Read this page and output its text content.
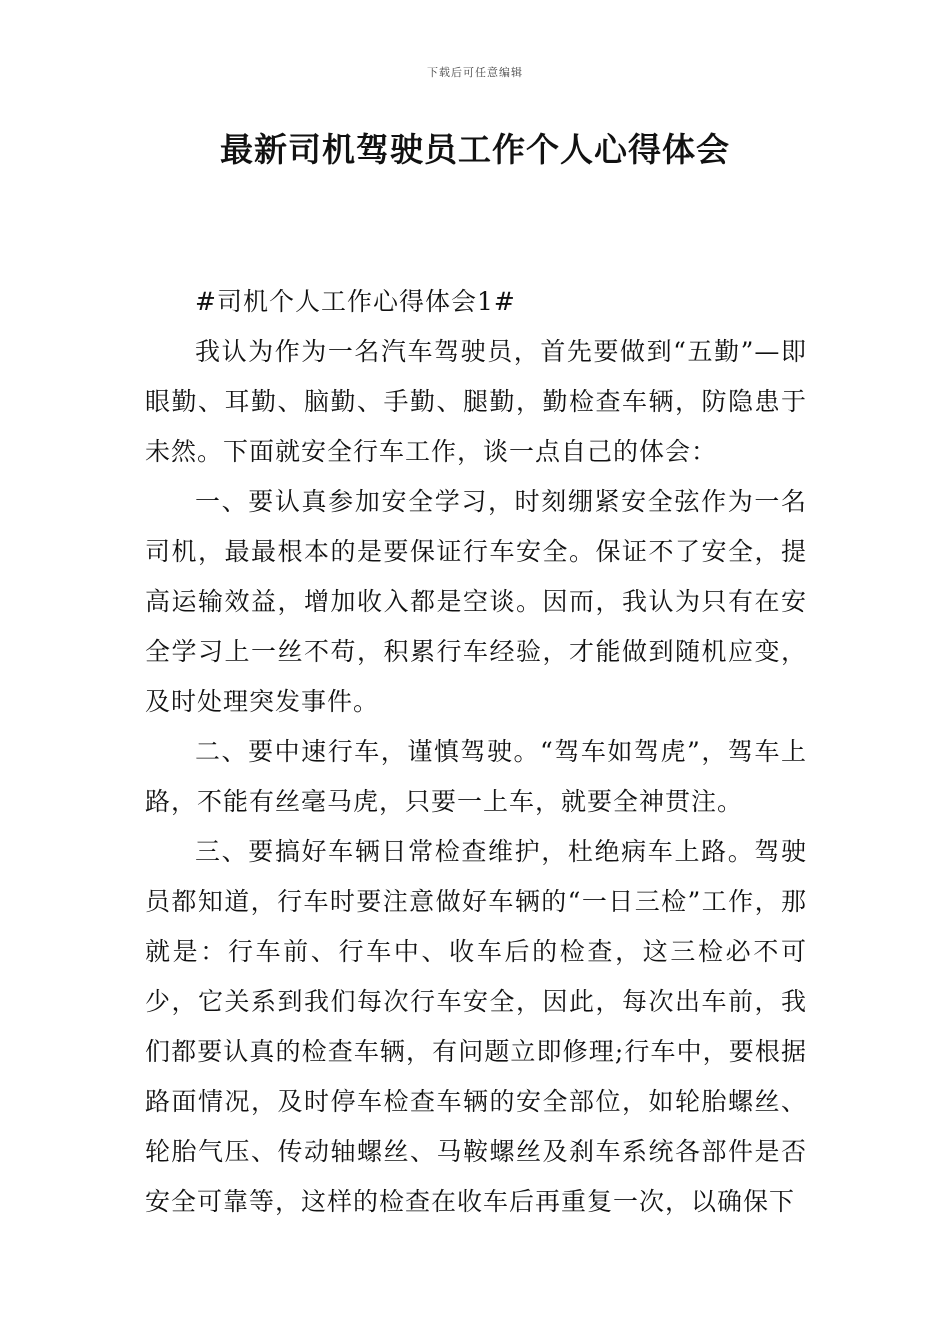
下载后可任意编辑
最新司机驾驶员工作个人心得体会

#司机个人工作心得体会1#

我认为作为一名汽车驾驶员，首先要做到“五勤”—即眼勤、耳勤、脑勤、手勤、腿勤，勤检查车辆，防隐患于未然。下面就安全行车工作，谈一点自己的体会：

一、要认真参加安全学习，时刻绷紧安全弦作为一名司机，最最根本的是要保证行车安全。保证不了安全，提高运输效益，增加收入都是空谈。因而，我认为只有在安全学习上一丝不苟，积累行车经验，才能做到随机应变，及时处理突发事件。

二、要中速行车，谨慎驾驶。“驾车如驾虎”，驾车上路，不能有丝毫马虎，只要一上车，就要全神贯注。

三、要搞好车辆日常检查维护，杜绝病车上路。驾驶员都知道，行车时要注意做好车辆的“一日三检”工作，那就是：行车前、行车中、收车后的检查，这三检必不可少，它关系到我们每次行车安全，因此，每次出车前，我们都要认真的检查车辆，有问题立即修理;行车中，要根据路面情况，及时停车检查车辆的安全部位，如轮胎螺丝、轮胎气压、传动轴螺丝、马鞍螺丝及刹车系统各部件是否安全可靠等，这样的检查在收车后再重复一次，以确保下
